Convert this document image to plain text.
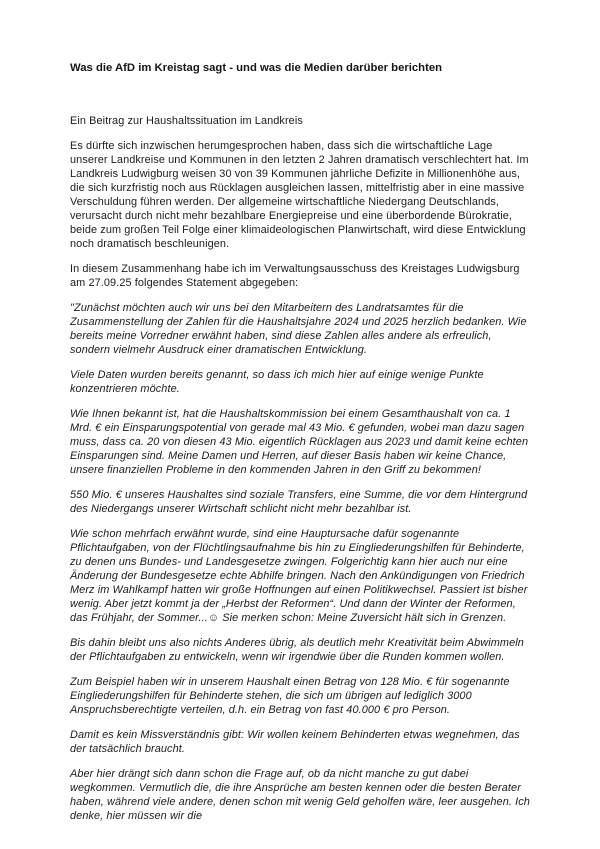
Was die AfD im Kreistag sagt - und was die Medien darüber berichten

Ein Beitrag zur Haushaltssituation im Landkreis

Es dürfte sich inzwischen herumgesprochen haben, dass sich die wirtschaftliche Lage unserer Landkreise und Kommunen in den letzten 2 Jahren dramatisch verschlechtert hat. Im Landkreis Ludwigburg weisen 30 von 39 Kommunen jährliche Defizite in Millionenhöhe aus, die sich kurzfristig noch aus Rücklagen ausgleichen lassen, mittelfristig aber in eine massive Verschuldung führen werden. Der allgemeine wirtschaftliche Niedergang Deutschlands, verursacht durch nicht mehr bezahlbare Energiepreise und eine überbordende Bürokratie, beide zum großen Teil Folge einer klimaideologischen Planwirtschaft, wird diese Entwicklung noch dramatisch beschleunigen.

In diesem Zusammenhang habe ich im Verwaltungsausschuss des Kreistages Ludwigsburg am 27.09.25 folgendes Statement abgegeben:

"Zunächst möchten auch wir uns bei den Mitarbeitern des Landratsamtes für die Zusammenstellung der Zahlen für die Haushaltsjahre 2024 und 2025 herzlich bedanken. Wie bereits meine Vorredner erwähnt haben, sind diese Zahlen alles andere als erfreulich, sondern vielmehr Ausdruck einer dramatischen Entwicklung.

Viele Daten wurden bereits genannt, so dass ich mich hier auf einige wenige Punkte konzentrieren möchte.

Wie Ihnen bekannt ist, hat die Haushaltskommission bei einem Gesamthaushalt von ca. 1 Mrd. € ein Einsparungspotential von gerade mal 43 Mio. € gefunden, wobei man dazu sagen muss, dass ca. 20 von diesen 43 Mio. eigentlich Rücklagen aus 2023 und damit keine echten Einsparungen sind. Meine Damen und Herren, auf dieser Basis haben wir keine Chance, unsere finanziellen Probleme in den kommenden Jahren in den Griff zu bekommen!

550 Mio. € unseres Haushaltes sind soziale Transfers, eine Summe, die vor dem Hintergrund des Niedergangs unserer Wirtschaft schlicht nicht mehr bezahlbar ist.

Wie schon mehrfach erwähnt wurde, sind eine Hauptursache dafür sogenannte Pflichtaufgaben, von der Flüchtlingsaufnahme bis hin zu Eingliederungshilfen für Behinderte, zu denen uns Bundes- und Landesgesetze zwingen. Folgerichtig kann hier auch nur eine Änderung der Bundesgesetze echte Abhilfe bringen. Nach den Ankündigungen von Friedrich Merz im Wahlkampf hatten wir große Hoffnungen auf einen Politikwechsel. Passiert ist bisher wenig. Aber jetzt kommt ja der „Herbst der Reformen“. Und dann der Winter der Reformen, das Frühjahr, der Sommer...☺ Sie merken schon: Meine Zuversicht hält sich in Grenzen.

Bis dahin bleibt uns also nichts Anderes übrig, als deutlich mehr Kreativität beim Abwimmeln der Pflichtaufgaben zu entwickeln, wenn wir irgendwie über die Runden kommen wollen.

Zum Beispiel haben wir in unserem Haushalt einen Betrag von 128 Mio. € für sogenannte Eingliederungshilfen für Behinderte stehen, die sich um übrigen auf lediglich 3000 Anspruchsberechtigte verteilen, d.h. ein Betrag von fast 40.000 € pro Person.

Damit es kein Missverständnis gibt: Wir wollen keinem Behinderten etwas wegnehmen, das der tatsächlich braucht.

Aber hier drängt sich dann schon die Frage auf, ob da nicht manche zu gut dabei wegkommen. Vermutlich die, die ihre Ansprüche am besten kennen oder die besten Berater haben, während viele andere, denen schon mit wenig Geld geholfen wäre, leer ausgehen. Ich denke, hier müssen wir die
